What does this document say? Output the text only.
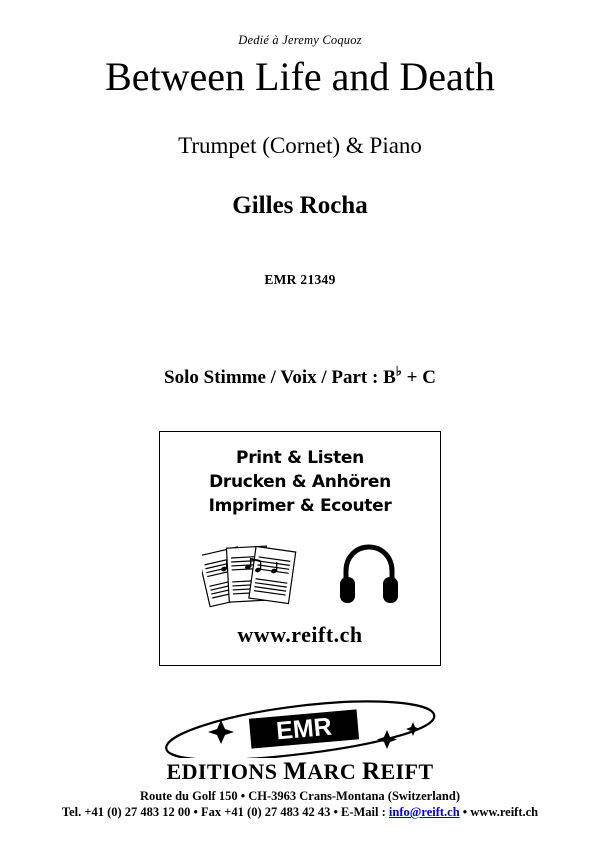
Dedié à Jeremy Coquoz
Between Life and Death
Trumpet (Cornet) & Piano
Gilles Rocha
EMR 21349
Solo Stimme / Voix / Part : B♭ + C
Print & Listen
Drucken & Anhören
Imprimer & Ecouter
www.reift.ch
EMR
EDITIONS MARC REIFT
Route du Golf 150 • CH-3963 Crans-Montana (Switzerland)
Tel. +41 (0) 27 483 12 00 • Fax +41 (0) 27 483 42 43 • E-Mail : info@reift.ch • www.reift.ch
